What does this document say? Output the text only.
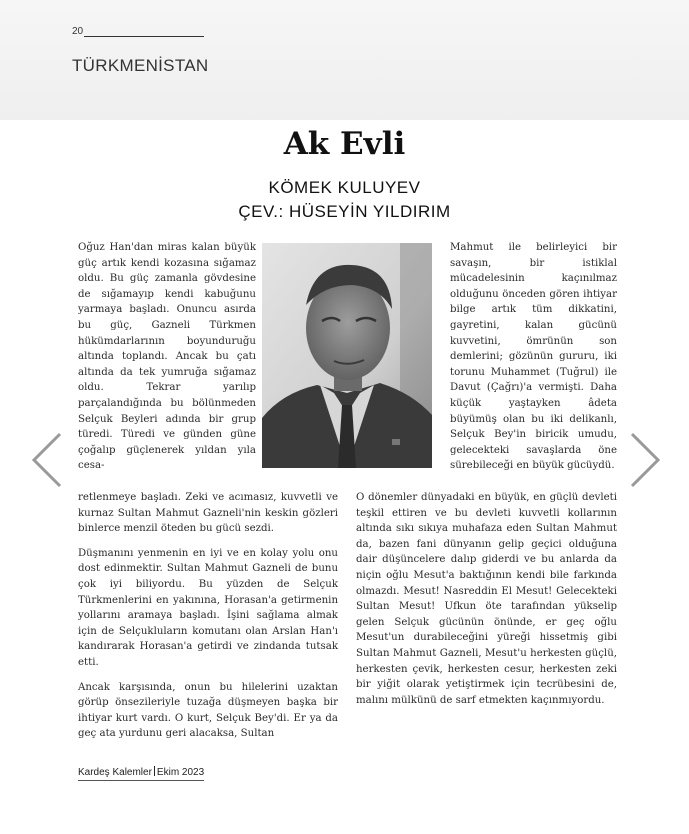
20
TÜRKMENİSTAN
Ak Evli
KÖMEK KULUYEV
ÇEV.: HÜSEYİN YILDIRIM

Oğuz Han'dan miras kalan büyük güç artık kendi kozasına sığamaz oldu. Bu güç zamanla gövdesine de sığamayıp kendi kabuğunu yarmaya başladı. Onuncu asırda bu güç, Gazneli Türkmen hükümdarlarının boyunduruğu altında toplandı. Ancak bu çatı altında da tek yumruğa sığamaz oldu. Tekrar yarılıp parçalandığında bu bölünmeden Selçuk Beyleri adında bir grup türedi. Türedi ve günden güne çoğalıp güçlenerek yıldan yıla cesa-

Mahmut ile belirleyici bir savaşın, bir istiklal mücadelesinin kaçınılmaz olduğunu önceden gören ihtiyar bilge artık tüm dikkatini, gayretini, kalan gücünü kuvvetini, ömrünün son demlerini; gözünün gururu, iki torunu Muhammet (Tuğrul) ile Davut (Çağrı)'a vermişti. Daha küçük yaştayken âdeta büyümüş olan bu iki delikanlı, Selçuk Bey'in biricik umudu, gelecekteki savaşlarda öne sürebileceği en büyük gücüydü.

retlenmeye başladı. Zeki ve acımasız, kuvvetli ve kurnaz Sultan Mahmut Gazneli'nin keskin gözleri binlerce menzil öteden bu gücü sezdi.

Düşmanını yenmenin en iyi ve en kolay yolu onu dost edinmektir. Sultan Mahmut Gazneli de bunu çok iyi biliyordu. Bu yüzden de Selçuk Türkmenlerini en yakınına, Horasan'a getirmenin yollarını aramaya başladı. İşini sağlama almak için de Selçukluların komutanı olan Arslan Han'ı kandırarak Horasan'a getirdi ve zindanda tutsak etti.

Ancak karşısında, onun bu hilelerini uzaktan görüp önsezileriyle tuzağa düşmeyen başka bir ihtiyar kurt vardı. O kurt, Selçuk Bey'di. Er ya da geç ata yurdunu geri alacaksa, Sultan

O dönemler dünyadaki en büyük, en güçlü devleti teşkil ettiren ve bu devleti kuvvetli kollarının altında sıkı sıkıya muhafaza eden Sultan Mahmut da, bazen fani dünyanın gelip geçici olduğuna dair düşüncelere dalıp giderdi ve bu anlarda da niçin oğlu Mesut'a baktığının kendi bile farkında olmazdı. Mesut! Nasreddin El Mesut! Gelecekteki Sultan Mesut! Ufkun öte tarafından yükselip gelen Selçuk gücünün önünde, er geç oğlu Mesut'un durabileceğini yüreği hissetmiş gibi Sultan Mahmut Gazneli, Mesut'u herkesten güçlü, herkesten çevik, herkesten cesur, herkesten zeki bir yiğit olarak yetiştirmek için tecrübesini de, malını mülkünü de sarf etmekten kaçınmıyordu.

Kardeş Kalemler Ekim 2023
